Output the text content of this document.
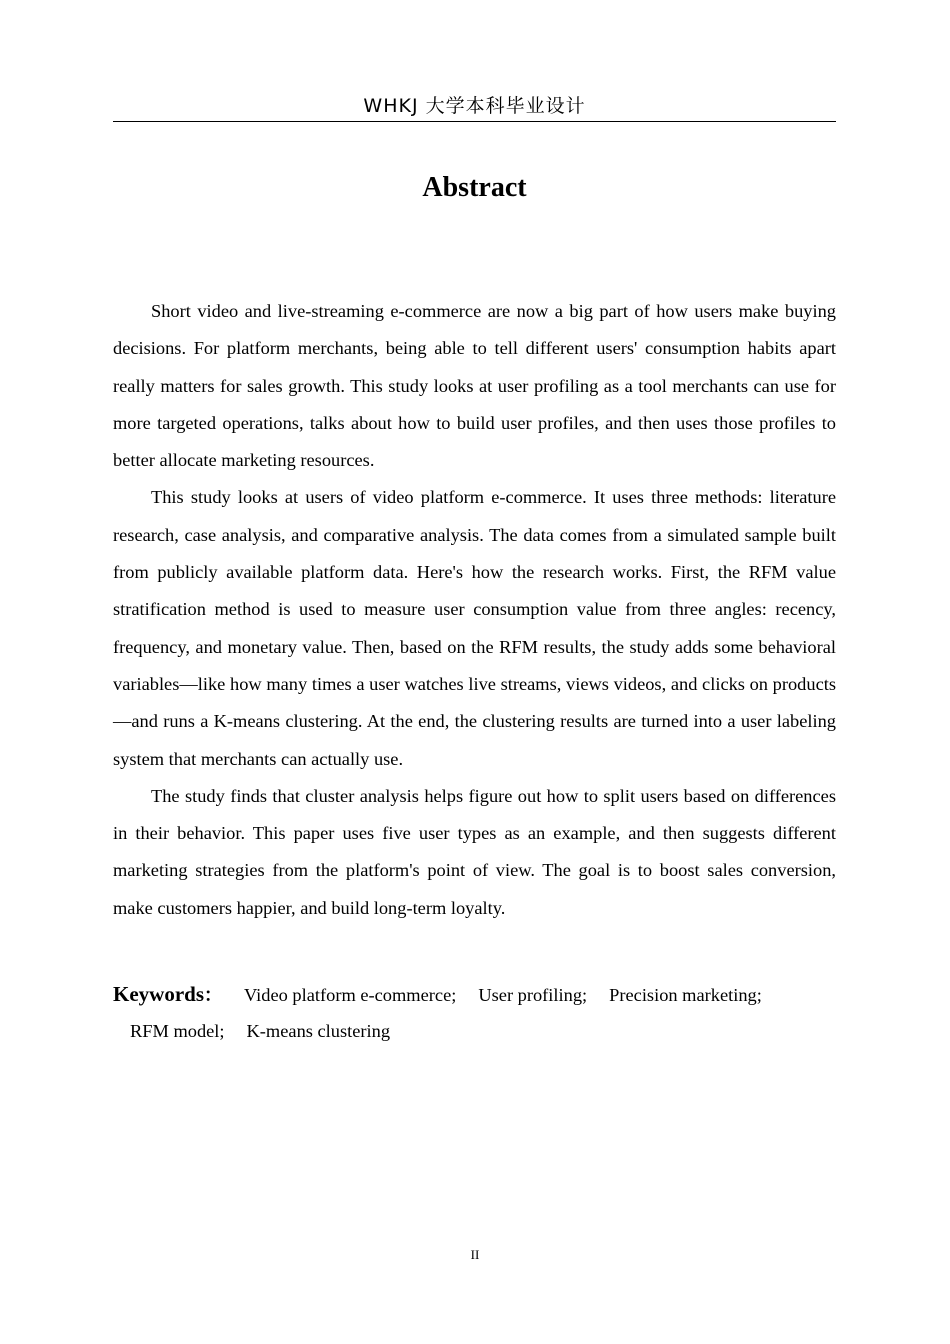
WHKJ 大学本科毕业设计
Abstract

Short video and live-streaming e-commerce are now a big part of how users make buying decisions. For platform merchants, being able to tell different users' consumption habits apart really matters for sales growth. This study looks at user profiling as a tool merchants can use for more targeted operations, talks about how to build user profiles, and then uses those profiles to better allocate marketing resources.

This study looks at users of video platform e-commerce. It uses three methods: literature research, case analysis, and comparative analysis. The data comes from a simulated sample built from publicly available platform data. Here's how the research works. First, the RFM value stratification method is used to measure user consumption value from three angles: recency, frequency, and monetary value. Then, based on the RFM results, the study adds some behavioral variables—like how many times a user watches live streams, views videos, and clicks on products—and runs a K-means clustering. At the end, the clustering results are turned into a user labeling system that merchants can actually use.

The study finds that cluster analysis helps figure out how to split users based on differences in their behavior. This paper uses five user types as an example, and then suggests different marketing strategies from the platform's point of view. The goal is to boost sales conversion, make customers happier, and build long-term loyalty.

Keywords： Video platform e-commerce; User profiling; Precision marketing;
RFM model; K-means clustering
II
